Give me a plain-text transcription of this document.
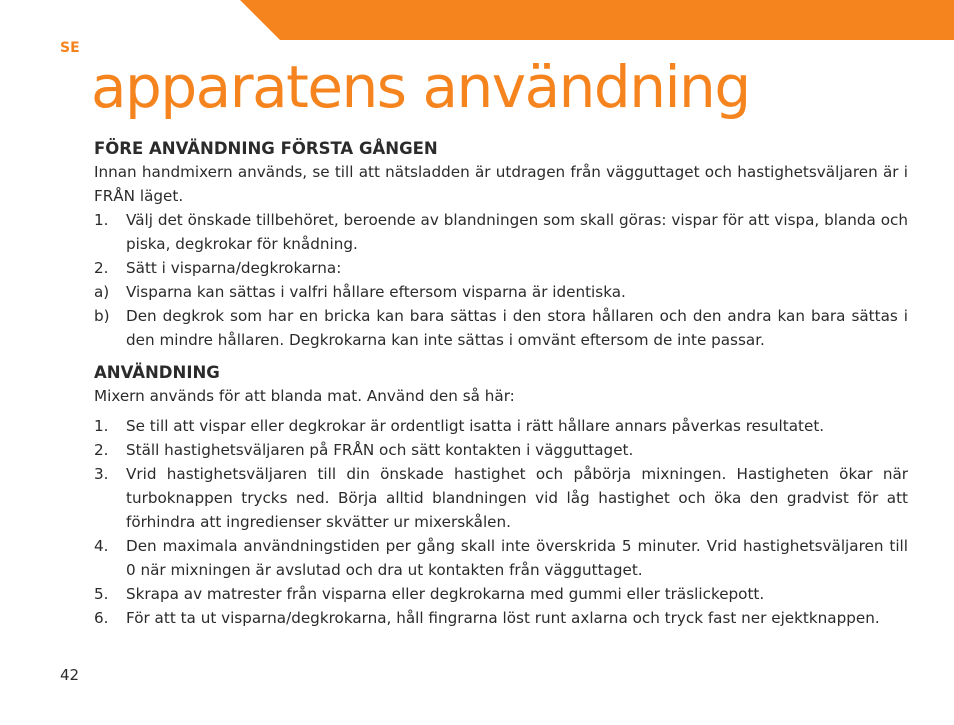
SE
apparatens användning
FÖRE ANVÄNDNING FÖRSTA GÅNGEN

Innan handmixern används, se till att nätsladden är utdragen från vägguttaget och hastighetsväljaren är i FRÅN läget.

1. Välj det önskade tillbehöret, beroende av blandningen som skall göras: vispar för att vispa, blanda och piska, degkrokar för knådning.
2. Sätt i visparna/degkrokarna:
a) Visparna kan sättas i valfri hållare eftersom visparna är identiska.
b) Den degkrok som har en bricka kan bara sättas i den stora hållaren och den andra kan bara sättas i den mindre hållaren. Degkrokarna kan inte sättas i omvänt eftersom de inte passar.
ANVÄNDNING

Mixern används för att blanda mat. Använd den så här:

1. Se till att vispar eller degkrokar är ordentligt isatta i rätt hållare annars påverkas resultatet.
2. Ställ hastighetsväljaren på FRÅN och sätt kontakten i vägguttaget.
3. Vrid hastighetsväljaren till din önskade hastighet och påbörja mixningen. Hastigheten ökar när turboknappen trycks ned. Börja alltid blandningen vid låg hastighet och öka den gradvist för att förhindra att ingredienser skvätter ur mixerskålen.
4. Den maximala användningstiden per gång skall inte överskrida 5 minuter. Vrid hastighetsväljaren till 0 när mixningen är avslutad och dra ut kontakten från vägguttaget.
5. Skrapa av matrester från visparna eller degkrokarna med gummi eller träslickepott.
6. För att ta ut visparna/degkrokarna, håll fingrarna löst runt axlarna och tryck fast ner ejektknappen.
42
